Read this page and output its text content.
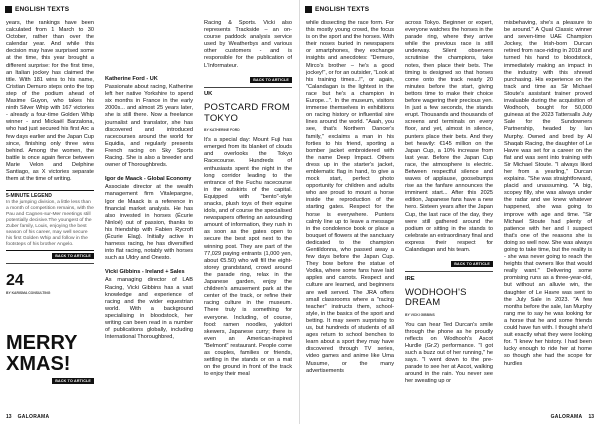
ENGLISH TEXTS

years, the rankings have been calculated from 1 March to 30 October, rather than over the calendar year. And while this decision may have surprised some at the time, this year brought a different surprise: for the first time, an Italian jockey has claimed the title. With 181 wins to his name, Cristian Demuro steps onto the top step of the podium ahead of Maxime Guyon, who takes his ninth Silver Whip with 167 victories - already a four-time Golden Whip winner - and Mickaël Barzalona, who had just secured his first Arc a few days earlier and the Japan Cup since, finishing only three wins behind. Among the women, the battle is once again fierce between Marie Velon and Delphine Santiago, as X victories separate them at the time of writing.

5-MINUTE LEGEND

In the jumping division, a little less than a month of competition remains, with the Pau and Cagnes-sur-Mer meetings still potentially decisive.The youngest of the Zuber family, Louis, enjoying the best season of his career, may well secure his first Golden Whip and follow in the footsteps of his brother Angelo.

BACK TO ARTICLE
24
BY KARISMA CONSULTING
MERRY XMAS!
BACK TO ARTICLE
Katherine Ford - UK

Passionate about racing, Katherine left her native Yorkshire to spend six months in France in the early 2000s... and almost 25 years later, she is still there. Now a freelance journalist and translator, she has discovered and introduced racecourses around the world for Equidia, and regularly presents French racing on Sky Sports Racing. She is also a breeder and owner of Thoroughbreds.

Igor de Maack - Global Economy

Associate director at the wealth management firm Vitalepargne, Igor de Maack is a reference in financial market analysis. He has also invested in horses (Écurie Ninloé) out of passion, thanks to his friendship with Fabien Rycroft (Écurie Elag). Initially active in harness racing, he has diversified into flat racing, notably with horses such as Uldry and Onesto.

Vicki Gibbins - Ireland + Sales

As managing director of LAB Racing, Vicki Gibbins has a vast knowledge and experience of racing and the wider equestrian world. With a background specialising in bloodstock, her writing can been read in a number of publications globally, including International Thoroughbred,

Racing & Sports. Vicki also represents Trackside – an on-course paddock analysis service used by Weatherbys and various other customers - and is responsible for the publication of L'Informateur.

BACK TO ARTICLE
UK
POSTCARD FROM TOKYO
BY KATHERINE FORD

It's a special day: Mount Fuji has emerged from its blanket of clouds and overlooks the Tokyo Racecourse. Hundreds of enthusiasts spent the night in the long corridor leading to the entrance of the Fuchu racecourse in the outskirts of the capital. Equipped with "bento"-style snacks, plush toys of their equine idols, and of course the specialised newspapers offering an astounding amount of information, they rush in as soon as the gates open to secure the best spot next to the winning post. They are part of the 77,029 paying entrants (1,000 yen, about €5.50) who will fill the eight-storey grandstand, crowd around the parade ring, relax in the Japanese garden, enjoy the children's amusement park at the center of the track, or refine their racing culture in the museum. There truly is something for everyone. Including, of course, food: ramen noodles, yakitori skewers, Japanese curry; there is even an American-inspired "Belmont" restaurant. People come as couples, families or friends, settling in the stands or on a mat on the ground in front of the track to enjoy their meal

13 GALORAMA
ENGLISH TEXTS

while dissecting the race form. For this mostly young crowd, the focus is on the sport and the horses. With their noses buried in newspapers or smartphones, they exchange insights and anecdotes: "Demuro, Mirco's brother – he's a good jockey!", or for an outsider, "Look at his training times...!", or again, "Calandagan is the lightest in the race but he's a champion in Europe...". In the museum, visitors immerse themselves in exhibitions on racing history or influential sire lines around the world. "Aaah, you see, that's Northern Dancer's family," exclaims a man in his forties to his friend, sporting a bomber jacket embroidered with the name Deep Impact. Others dress up in the starter's jacket, emblematic flag in hand, to give a mock start, perfect photo opportunity for children and adults who are proud to mount a horse inside the reproduction of the starting gates. Respect for the horse is everywhere. Punters calmly line up to leave a message in the condolence book or place a bouquet of flowers at the sanctuary dedicated to the champion Gentildonna, who passed away a few days before the Japan Cup. They bow before the statue of Vodka, where some fans have laid apples and carrots. Respect and culture are learned, and beginners are well served. The JRA offers small classrooms where a "racing teacher" instructs them, school-style, in the basics of the sport and betting. It may seem surprising to us, but hundreds of students of all ages return to school benches to learn about a sport they may have discovered through TV series, video games and anime like Uma Musume, or the many advertisements

across Tokyo. Beginner or expert, everyone watches the horses in the parade ring, where they arrive while the previous race is still underway. Silent observers scrutinise the champions, take notes, then place their bets. The timing is designed so that horses come onto the track nearly 20 minutes before the start, giving bettors time to make their choice before wagering their precious yen. In just a few seconds, the stands erupt. Thousands and thousands of screens and terminals on every floor, and yet, almost in silence, punters place their bets. And they bet heavily: €145 million on the Japan Cup, a 10% increase from last year. Before the Japan Cup race, the atmosphere is electric. Between respectful silence and waves of applause, goosebumps rise as the fanfare announces the imminent start... After this 2025 edition, Japanese fans have a new hero. Sixteen years after the Japan Cup, the last race of the day, they were still gathered around the podium or sitting in the stands to celebrate an extraordinary final and express their respect for Calandagan and his team.

BACK TO ARTICLE
IRE
WODHOOH'S DREAM
BY VICKI GIBBINS

You can hear Ted Durcan's smile through the phone as he proudly reflects on Wodhooh's Ascot Hurdle (Gr.2) performance. "I got such a buzz out of her running," he says. "I went down to the pre-parade to see her at Ascot, walking around in the rain. You never see her sweating up or

misbehaving, she's a pleasure to be around." A Qual Classic winner and seven-time UAE Champion Jockey, the Irish-born Durcan retired from race-riding in 2018 and turned his hand to bloodstock, immediately making an impact in the industry with this shrewd purchasing. His experience on the track and time as Sir Michael Stoute's assistant trainer proved invaluable during the acquisition of Wodhooh, bought for 50,000 guineas at the 2023 Tattersalls July Sale for the Sundowners Partnership, headed by Ian Murphy. Owned and bred by Al Shaqab Racing, the daughter of Le Havre was set for a career on the flat and was sent into training with Sir Michael Stoute. "I always liked her from a yearling," Durcan explains. "She was straightforward, placid and unassuming. "A big, scopey filly, she was always under the radar and we knew whatever happened, she was going to improve with age and time. "Sir Michael Stoute had plenty of patience with her and I suspect that's one of the reasons she is doing so well now. She was always going to take time, but the reality is - she was never going to reach the heights that owners like that would really want." Delivering some promising runs as a three-year-old, but without an alluvie win, the daughter of Le Havre was sent to the July Sale in 2023. "A few months before the sale, Ian Murphy rang me to say he was looking for a horse that he and some friends could have fun with. I thought she'd suit exactly what they were looking for. "I knew her history. I had been lucky enough to ride her at home so though she had the scope for hurdles

GALORAMA 13
